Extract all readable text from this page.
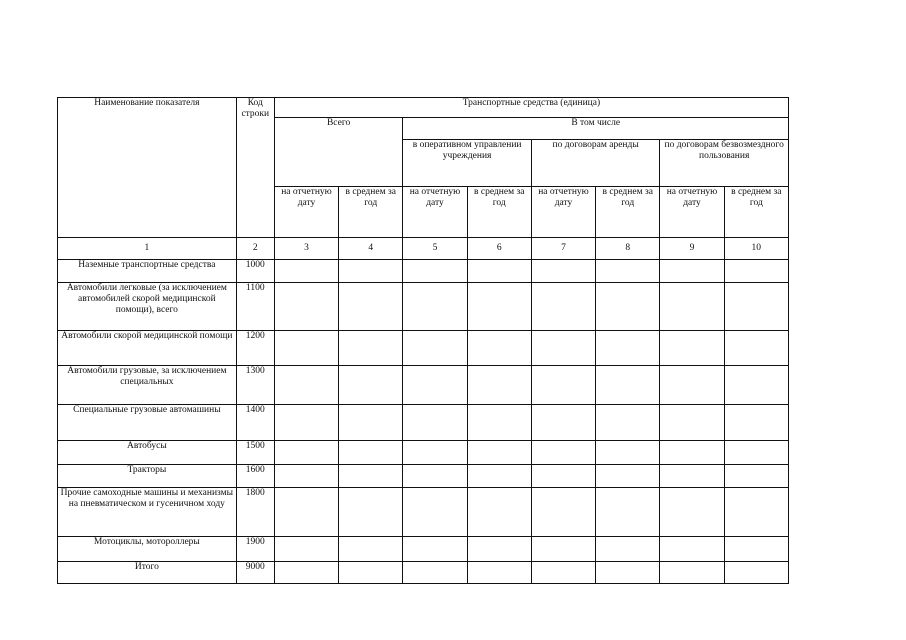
Наименование показателя	Код строки	Транспортные средства (единица)							
		Всего		В том числе					
				в оперативном управлении учреждения		по договорам аренды		по договорам безвозмездного пользования	

		на отчетную дату	в среднем за год	на отчетную дату	в среднем за год	на отчетную дату	в среднем за год	на отчетную дату	в среднем за год
1	2	3	4	5	6	7	8	9	10
Наземные транспортные средства	1000								
Автомобили легковые (за исключением автомобилей скорой медицинской помощи), всего	1100								
Автомобили скорой медицинской помощи	1200								
Автомобили грузовые, за исключением специальных	1300								
Специальные грузовые автомашины	1400								
Автобусы	1500								
Тракторы	1600								
Прочие самоходные машины и механизмы на пневматическом и гусеничном ходу	1800								
Мотоциклы, мотороллеры	1900								
Итого	9000								
